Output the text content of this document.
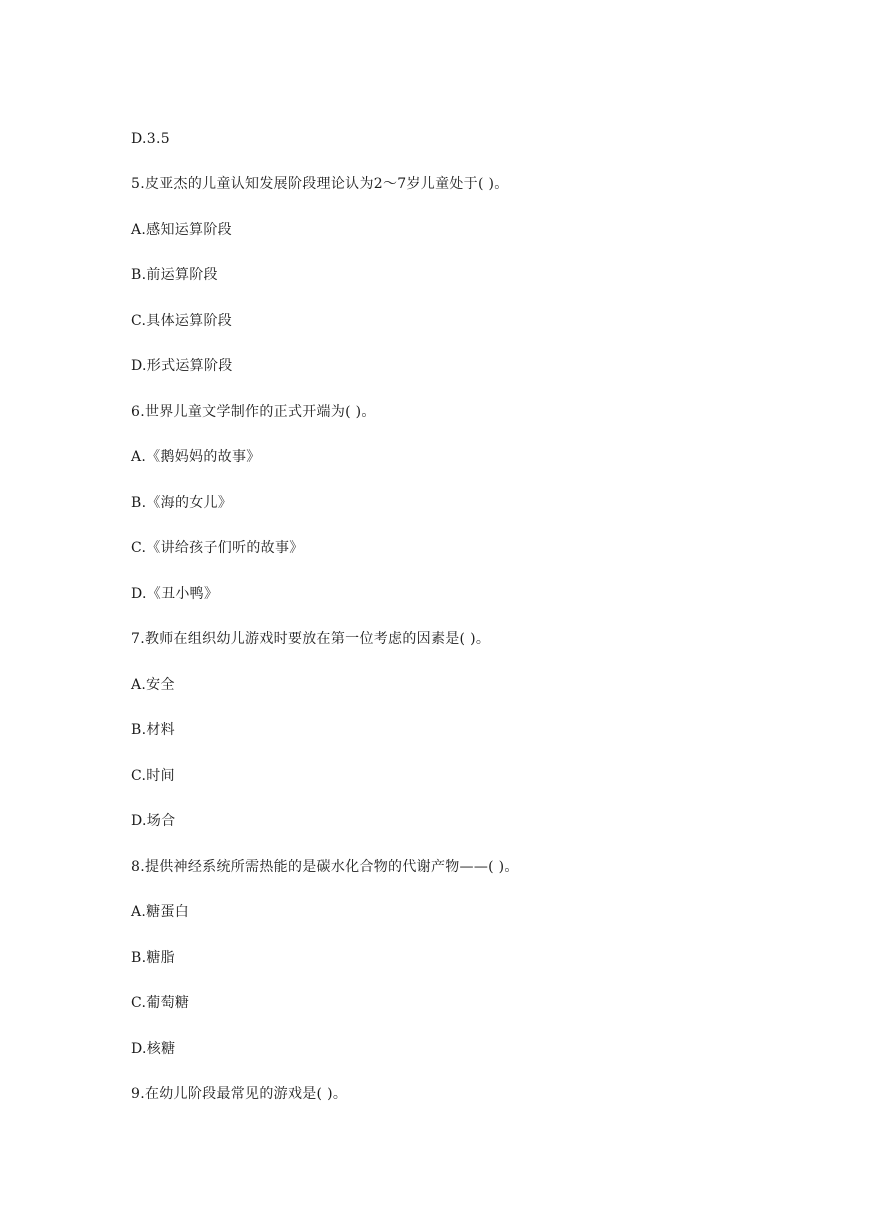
D.3.5
5.皮亚杰的儿童认知发展阶段理论认为2～7岁儿童处于( )。
A.感知运算阶段
B.前运算阶段
C.具体运算阶段
D.形式运算阶段
6.世界儿童文学制作的正式开端为( )。
A.《鹅妈妈的故事》
B.《海的女儿》
C.《讲给孩子们听的故事》
D.《丑小鸭》
7.教师在组织幼儿游戏时要放在第一位考虑的因素是( )。
A.安全
B.材料
C.时间
D.场合
8.提供神经系统所需热能的是碳水化合物的代谢产物——( )。
A.糖蛋白
B.糖脂
C.葡萄糖
D.核糖
9.在幼儿阶段最常见的游戏是( )。
